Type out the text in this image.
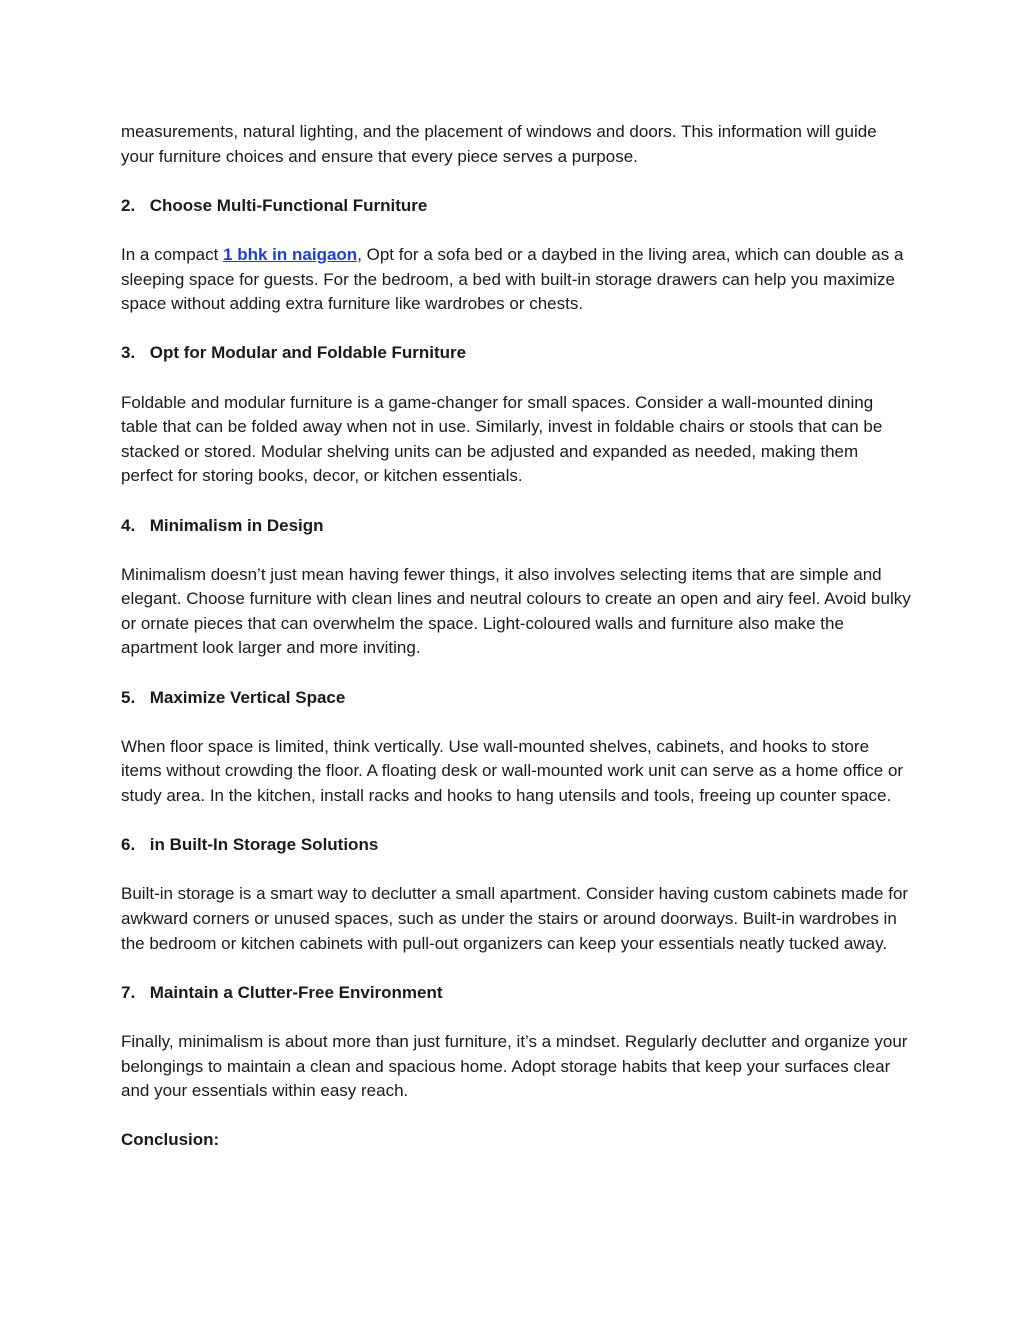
measurements, natural lighting, and the placement of windows and doors. This information will guide your furniture choices and ensure that every piece serves a purpose.

2. Choose Multi-Functional Furniture

In a compact 1 bhk in naigaon, Opt for a sofa bed or a daybed in the living area, which can double as a sleeping space for guests. For the bedroom, a bed with built-in storage drawers can help you maximize space without adding extra furniture like wardrobes or chests.

3. Opt for Modular and Foldable Furniture

Foldable and modular furniture is a game-changer for small spaces. Consider a wall-mounted dining table that can be folded away when not in use. Similarly, invest in foldable chairs or stools that can be stacked or stored. Modular shelving units can be adjusted and expanded as needed, making them perfect for storing books, decor, or kitchen essentials.

4. Minimalism in Design

Minimalism doesn’t just mean having fewer things, it also involves selecting items that are simple and elegant. Choose furniture with clean lines and neutral colours to create an open and airy feel. Avoid bulky or ornate pieces that can overwhelm the space. Light-coloured walls and furniture also make the apartment look larger and more inviting.

5. Maximize Vertical Space

When floor space is limited, think vertically. Use wall-mounted shelves, cabinets, and hooks to store items without crowding the floor. A floating desk or wall-mounted work unit can serve as a home office or study area. In the kitchen, install racks and hooks to hang utensils and tools, freeing up counter space.

6. in Built-In Storage Solutions

Built-in storage is a smart way to declutter a small apartment. Consider having custom cabinets made for awkward corners or unused spaces, such as under the stairs or around doorways. Built-in wardrobes in the bedroom or kitchen cabinets with pull-out organizers can keep your essentials neatly tucked away.

7. Maintain a Clutter-Free Environment

Finally, minimalism is about more than just furniture, it’s a mindset. Regularly declutter and organize your belongings to maintain a clean and spacious home. Adopt storage habits that keep your surfaces clear and your essentials within easy reach.

Conclusion:
